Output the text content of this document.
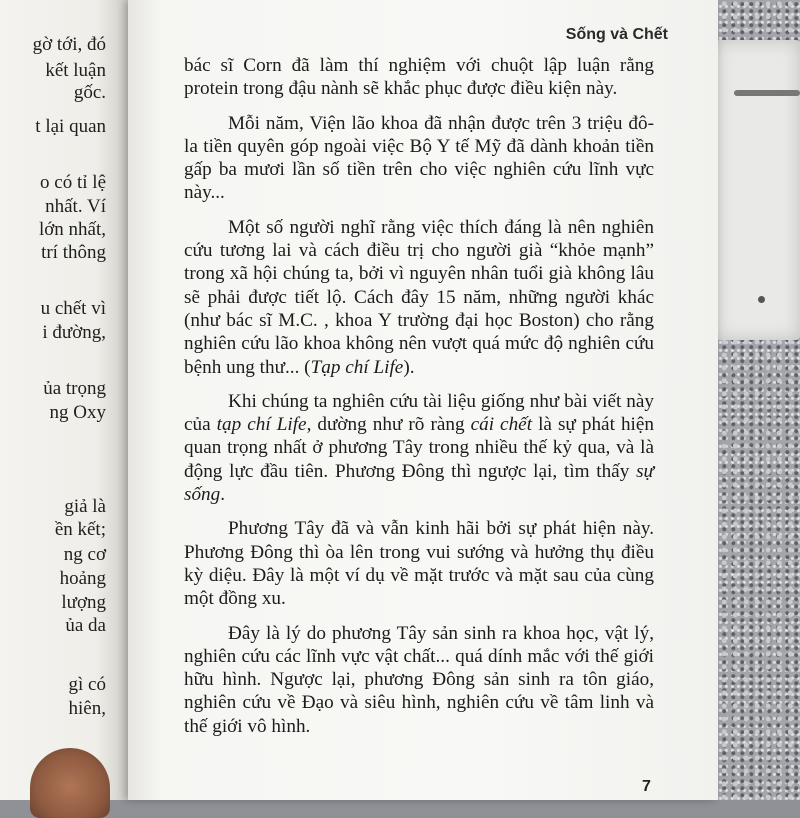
gờ tới, đó
kết luận
gốc.
t lại quan
o có tỉ lệ
nhất. Ví
lớn nhất,
trí thông
u chết vì
i đường,
ủa trọng
ng Oxy
giả là
ền kết;
ng cơ
hoảng
lượng
ủa da
gì có
hiên,
Sống và Chết

bác sĩ Corn đã làm thí nghiệm với chuột lập luận rằng protein trong đậu nành sẽ khắc phục được điều kiện này.

Mỗi năm, Viện lão khoa đã nhận được trên 3 triệu đô-la tiền quyên góp ngoài việc Bộ Y tế Mỹ đã dành khoản tiền gấp ba mươi lần số tiền trên cho việc nghiên cứu lĩnh vực này...

Một số người nghĩ rằng việc thích đáng là nên nghiên cứu tương lai và cách điều trị cho người già “khỏe mạnh” trong xã hội chúng ta, bởi vì nguyên nhân tuổi già không lâu sẽ phải được tiết lộ. Cách đây 15 năm, những người khác (như bác sĩ M.C. , khoa Y trường đại học Boston) cho rằng nghiên cứu lão khoa không nên vượt quá mức độ nghiên cứu bệnh ung thư... (Tạp chí Life).

Khi chúng ta nghiên cứu tài liệu giống như bài viết này của tạp chí Life, dường như rõ ràng cái chết là sự phát hiện quan trọng nhất ở phương Tây trong nhiều thế kỷ qua, và là động lực đầu tiên. Phương Đông thì ngược lại, tìm thấy sự sống.

Phương Tây đã và vẫn kinh hãi bởi sự phát hiện này. Phương Đông thì òa lên trong vui sướng và hưởng thụ điều kỳ diệu. Đây là một ví dụ về mặt trước và mặt sau của cùng một đồng xu.

Đây là lý do phương Tây sản sinh ra khoa học, vật lý, nghiên cứu các lĩnh vực vật chất... quá dính mắc với thế giới hữu hình. Ngược lại, phương Đông sản sinh ra tôn giáo, nghiên cứu về Đạo và siêu hình, nghiên cứu về tâm linh và thế giới vô hình.

7
